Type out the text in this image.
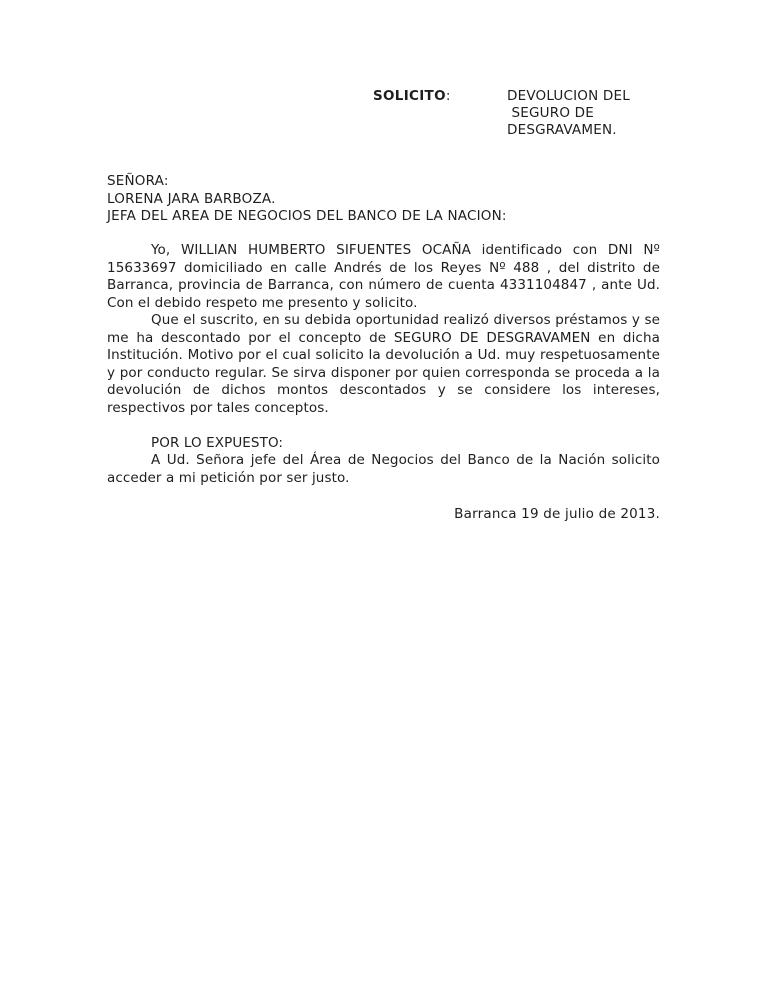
SOLICITO:	DEVOLUCION DEL
SEGURO DE
DESGRAVAMEN.
SEÑORA:
LORENA JARA BARBOZA.
JEFA DEL AREA DE NEGOCIOS DEL BANCO DE LA NACION:

Yo, WILLIAN HUMBERTO SIFUENTES OCAÑA identificado con DNI Nº 15633697 domiciliado en calle Andrés de los Reyes Nº 488 , del distrito de Barranca, provincia de Barranca, con número de cuenta 4331104847 , ante Ud. Con el debido respeto me presento y solicito.

Que el suscrito, en su debida oportunidad realizó diversos préstamos y se me ha descontado por el concepto de SEGURO DE DESGRAVAMEN en dicha Institución. Motivo por el cual solicito la devolución a Ud. muy respetuosamente y por conducto regular. Se sirva disponer por quien corresponda se proceda a la devolución de dichos montos descontados y se considere los intereses, respectivos por tales conceptos.

POR LO EXPUESTO:

A Ud. Señora jefe del Área de Negocios del Banco de la Nación solicito acceder a mi petición por ser justo.

Barranca 19 de julio de 2013.
